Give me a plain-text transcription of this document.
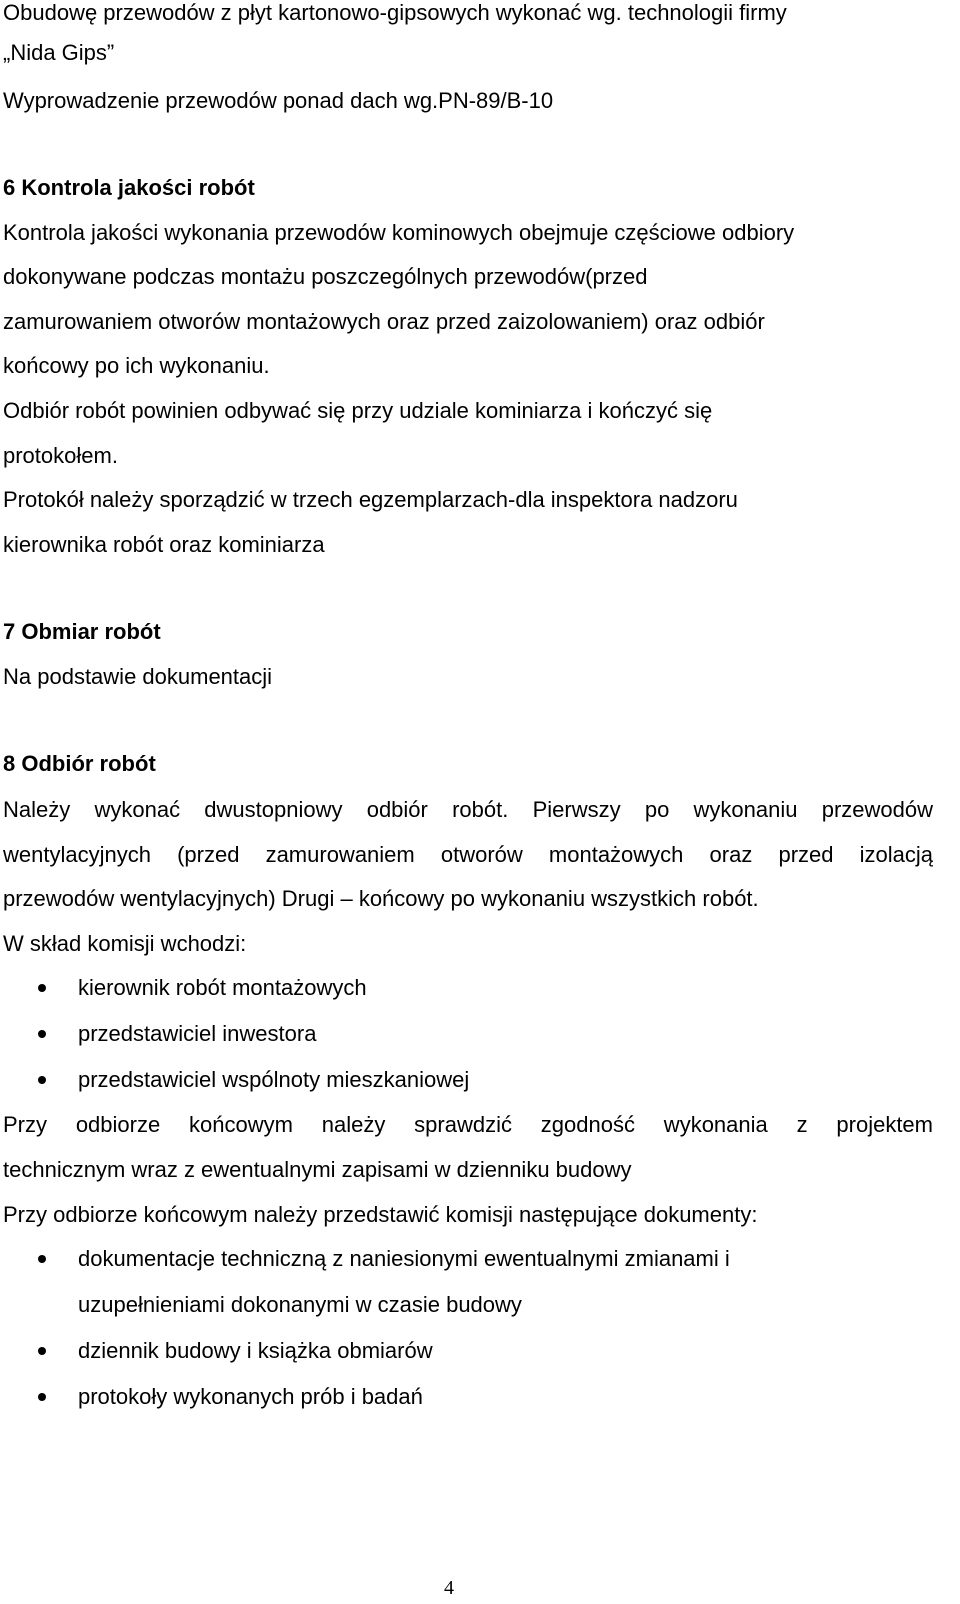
Obudowę przewodów z płyt kartonowo-gipsowych wykonać wg. technologii firmy
„Nida Gips”
Wyprowadzenie przewodów ponad dach wg.PN-89/B-10
6 Kontrola jakości robót
Kontrola jakości wykonania przewodów kominowych obejmuje częściowe odbiory
dokonywane podczas montażu poszczególnych przewodów(przed
zamurowaniem otworów montażowych oraz przed zaizolowaniem) oraz odbiór
końcowy po ich wykonaniu.
Odbiór robót powinien odbywać się przy udziale kominiarza i kończyć się
protokołem.
Protokół należy sporządzić w trzech egzemplarzach-dla inspektora nadzoru
kierownika robót oraz kominiarza
7 Obmiar robót
Na podstawie dokumentacji
8 Odbiór robót
Należy wykonać dwustopniowy odbiór robót. Pierwszy po wykonaniu przewodów
wentylacyjnych (przed zamurowaniem otworów montażowych oraz przed izolacją
przewodów wentylacyjnych) Drugi – końcowy po wykonaniu wszystkich robót.
W skład komisji wchodzi:
kierownik robót montażowych
przedstawiciel inwestora
przedstawiciel wspólnoty mieszkaniowej
Przy odbiorze końcowym należy sprawdzić zgodność wykonania z projektem
technicznym wraz z ewentualnymi zapisami w dzienniku budowy
Przy odbiorze końcowym należy przedstawić komisji następujące dokumenty:
dokumentacje techniczną z naniesionymi ewentualnymi zmianami i
uzupełnieniami dokonanymi w czasie budowy
dziennik budowy i książka obmiarów
protokoły wykonanych prób i badań
4
